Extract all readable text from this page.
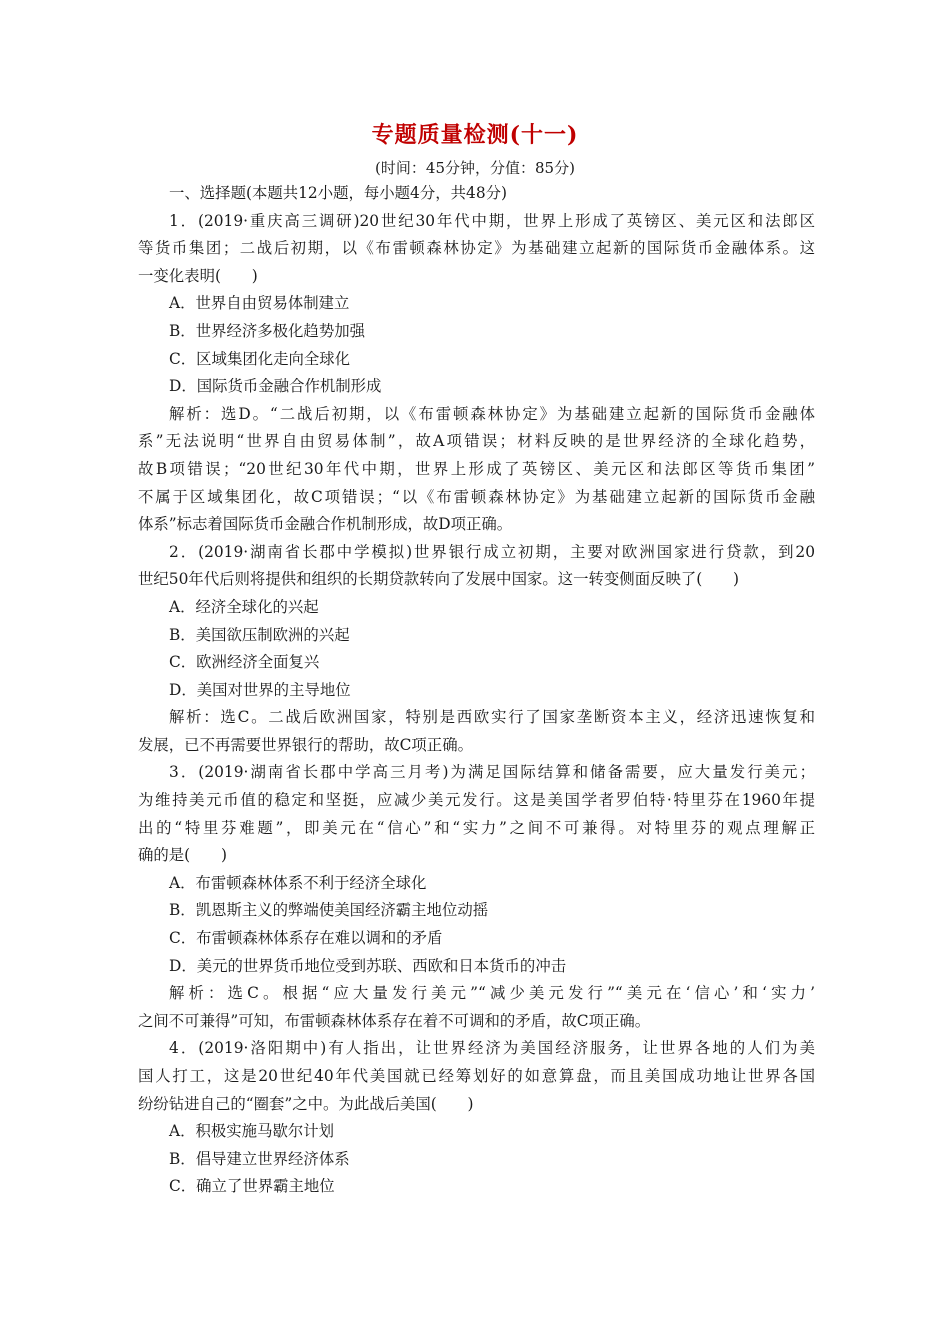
专题质量检测(十一)
(时间：45分钟，分值：85分)
一、选择题(本题共12小题，每小题4分，共48分)
1．(2019·重庆高三调研)20世纪30年代中期，世界上形成了英镑区、美元区和法郎区
等货币集团；二战后初期，以《布雷顿森林协定》为基础建立起新的国际货币金融体系。这
一变化表明(　　)
A．世界自由贸易体制建立
B．世界经济多极化趋势加强
C．区域集团化走向全球化
D．国际货币金融合作机制形成
解析：选D。“二战后初期，以《布雷顿森林协定》为基础建立起新的国际货币金融体
系”无法说明“世界自由贸易体制”，故A项错误；材料反映的是世界经济的全球化趋势，
故B项错误；“20世纪30年代中期，世界上形成了英镑区、美元区和法郎区等货币集团”
不属于区域集团化，故C项错误；“以《布雷顿森林协定》为基础建立起新的国际货币金融
体系”标志着国际货币金融合作机制形成，故D项正确。
2．(2019·湖南省长郡中学模拟)世界银行成立初期，主要对欧洲国家进行贷款，到20
世纪50年代后则将提供和组织的长期贷款转向了发展中国家。这一转变侧面反映了(　　)
A．经济全球化的兴起
B．美国欲压制欧洲的兴起
C．欧洲经济全面复兴
D．美国对世界的主导地位
解析：选C。二战后欧洲国家，特别是西欧实行了国家垄断资本主义，经济迅速恢复和
发展，已不再需要世界银行的帮助，故C项正确。
3．(2019·湖南省长郡中学高三月考)为满足国际结算和储备需要，应大量发行美元；
为维持美元币值的稳定和坚挺，应减少美元发行。这是美国学者罗伯特·特里芬在1960年提
出的“特里芬难题”，即美元在“信心”和“实力”之间不可兼得。对特里芬的观点理解正
确的是(　　)
A．布雷顿森林体系不利于经济全球化
B．凯恩斯主义的弊端使美国经济霸主地位动摇
C．布雷顿森林体系存在难以调和的矛盾
D．美元的世界货币地位受到苏联、西欧和日本货币的冲击
解析：选C。根据“应大量发行美元”“减少美元发行”“美元在‘信心’和‘实力’
之间不可兼得”可知，布雷顿森林体系存在着不可调和的矛盾，故C项正确。
4．(2019·洛阳期中)有人指出，让世界经济为美国经济服务，让世界各地的人们为美
国人打工，这是20世纪40年代美国就已经筹划好的如意算盘，而且美国成功地让世界各国
纷纷钻进自己的“圈套”之中。为此战后美国(　　)
A．积极实施马歇尔计划
B．倡导建立世界经济体系
C．确立了世界霸主地位
